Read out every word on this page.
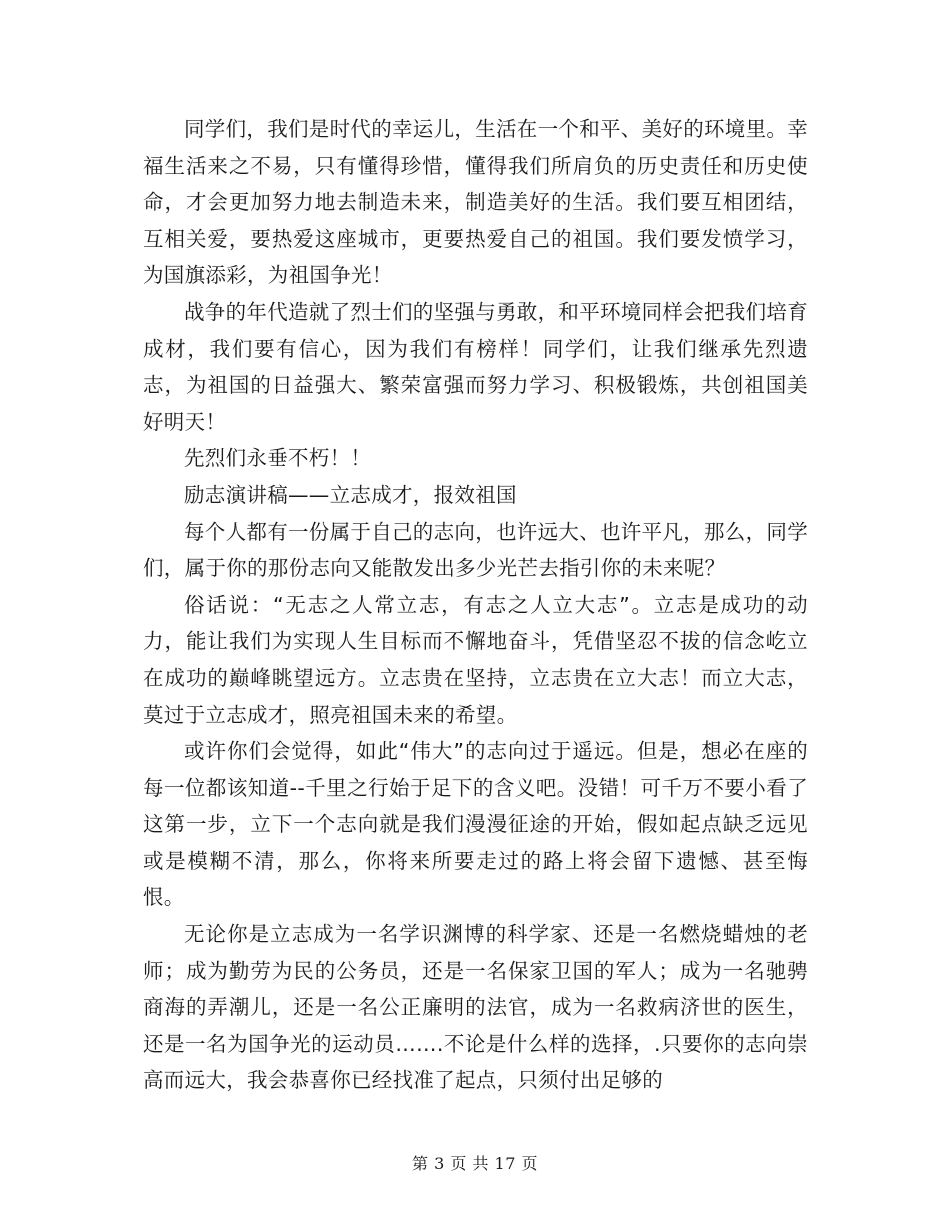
同学们，我们是时代的幸运儿，生活在一个和平、美好的环境里。幸福生活来之不易，只有懂得珍惜，懂得我们所肩负的历史责任和历史使命，才会更加努力地去制造未来，制造美好的生活。我们要互相团结，互相关爱，要热爱这座城市，更要热爱自己的祖国。我们要发愤学习，为国旗添彩，为祖国争光！

战争的年代造就了烈士们的坚强与勇敢，和平环境同样会把我们培育成材，我们要有信心，因为我们有榜样！同学们，让我们继承先烈遗志，为祖国的日益强大、繁荣富强而努力学习、积极锻炼，共创祖国美好明天！

先烈们永垂不朽！！

励志演讲稿——立志成才，报效祖国

每个人都有一份属于自己的志向，也许远大、也许平凡，那么，同学们，属于你的那份志向又能散发出多少光芒去指引你的未来呢？

俗话说：“无志之人常立志，有志之人立大志”。立志是成功的动力，能让我们为实现人生目标而不懈地奋斗，凭借坚忍不拔的信念屹立在成功的巅峰眺望远方。立志贵在坚持，立志贵在立大志！而立大志，莫过于立志成才，照亮祖国未来的希望。

或许你们会觉得，如此“伟大”的志向过于遥远。但是，想必在座的每一位都该知道--千里之行始于足下的含义吧。没错！可千万不要小看了这第一步，立下一个志向就是我们漫漫征途的开始，假如起点缺乏远见或是模糊不清，那么，你将来所要走过的路上将会留下遗憾、甚至悔恨。

无论你是立志成为一名学识渊博的科学家、还是一名燃烧蜡烛的老师；成为勤劳为民的公务员，还是一名保家卫国的军人；成为一名驰骋商海的弄潮儿，还是一名公正廉明的法官，成为一名救病济世的医生，还是一名为国争光的运动员…….不论是什么样的选择，.只要你的志向崇高而远大，我会恭喜你已经找准了起点，只须付出足够的

第 3 页 共 17 页
